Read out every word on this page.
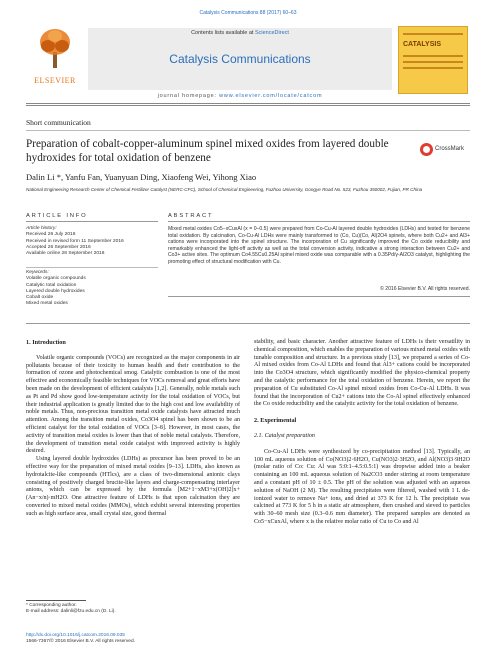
Catalysis Communications 88 (2017) 60–63
ELSEVIER
Contents lists available at ScienceDirect
Catalysis Communications
journal homepage: www.elsevier.com/locate/catcom
CATALYSIS
Short communication
Preparation of cobalt-copper-aluminum spinel mixed oxides from layered double hydroxides for total oxidation of benzene
CrossMark
Dalin Li *, Yanfu Fan, Yuanyuan Ding, Xiaofeng Wei, Yihong Xiao
National Engineering Research Center of Chemical Fertilizer Catalyst (NERC-CFC), School of Chemical Engineering, Fuzhou University, Gongye Road No. 523, Fuzhou 350002, Fujian, PR China
ARTICLE INFO	ABSTRACT
Article history:
Received 26 July 2016
Received in revised form 11 September 2016
Accepted 26 September 2016
Available online 28 September 2016
Keywords:
Volatile organic compounds
Catalytic total oxidation
Layered double hydroxides
Cobalt oxide
Mixed metal oxides
Mixed metal oxides Co5−xCuxAl (x = 0–0.5) were prepared from Co-Cu-Al layered double hydroxides (LDHs) and tested for benzene total oxidation. By calcination, Co-Cu-Al LDHs were mainly transformed to (Co, Cu)(Co, Al)2O4 spinels, where both Cu2+ and Al3+ cations were incorporated into the spinel structure. The incorporation of Cu significantly improved the Co oxide reducibility and remarkably enhanced the light-off activity as well as the total conversion activity, indicative a strong interaction between Cu2+ and Co3+ active sites. The optimum Co4.55Cu0.25Al spinel mixed oxide was comparable with a 0.35Pd/γ-Al2O3 catalyst, highlighting the promoting effect of structural modification with Cu.
© 2016 Elsevier B.V. All rights reserved.

1. Introduction

Volatile organic compounds (VOCs) are recognized as the major components in air pollutants because of their toxicity to human health and their contribution to the formation of ozone and photochemical smog. Catalytic combustion is one of the most effective and economically feasible techniques for VOCs removal and great efforts have been made on the development of efficient catalysts [1,2]. Generally, noble metals such as Pt and Pd show good low-temperature activity for the total oxidation of VOCs, but their industrial application is greatly limited due to the high cost and low availability of noble metals. Thus, non-precious transition metal oxide catalysts have attracted much attention. Among the transition metal oxides, Co3O4 spinel has been shown to be an efficient catalyst for the total oxidation of VOCs [3–8]. However, in most cases, the activity of transition metal oxides is lower than that of noble metal catalysts. Therefore, the development of transition metal oxide catalyst with improved activity is highly desired.

Using layered double hydroxides (LDHs) as precursor has been proved to be an effective way for the preparation of mixed metal oxides [9–13]. LDHs, also known as hydrotalcite-like compounds (HTlcs), are a class of two-dimensional anionic clays consisting of positively charged brucite-like layers and charge-compensating interlayer anions, which can be expressed by the formula [M2+1−xM3+x(OH)2]x+(An−x/n)·mH2O. One attractive feature of LDHs is that upon calcination they are converted to mixed metal oxides (MMOs), which exhibit several interesting properties such as high surface area, small crystal size, good thermal

stability, and basic character. Another attractive feature of LDHs is their versatility in chemical composition, which enables the preparation of various mixed metal oxides with tunable composition and structure. In a previous study [13], we prepared a series of Co-Al mixed oxides from Co-Al LDHs and found that Al3+ cations could be incorporated into the Co3O4 structure, which significantly modified the physico-chemical property and the catalytic performance for the total oxidation of benzene. Herein, we report the preparation of Cu substituted Co-Al spinel mixed oxides from Co-Cu-Al LDHs. It was found that the incorporation of Cu2+ cations into the Co-Al spinel effectively enhanced the Co oxide reducibility and the catalytic activity for the total oxidation of benzene.

2. Experimental

2.1. Catalyst preparation

Co-Cu-Al LDHs were synthesized by co-precipitation method [13]. Typically, an 100 mL aqueous solution of Co(NO3)2·6H2O, Cu(NO3)2·3H2O, and Al(NO3)3·9H2O (molar ratio of Co: Cu: Al was 5:0:1–4.5:0.5:1) was dropwise added into a beaker containing an 100 mL aqueous solution of Na2CO3 under stirring at room temperature and a constant pH of 10 ± 0.5. The pH of the solution was adjusted with an aqueous solution of NaOH (2 M). The resulting precipitates were filtered, washed with 1 L de-ionized water to remove Na+ ions, and dried at 373 K for 12 h. The precipitate was calcined at 773 K for 5 h in a static air atmosphere, then crushed and sieved to particles with 30–60 mesh size (0.3–0.6 mm diameter). The prepared samples are denoted as Co5−xCuxAl, where x is the relative molar ratio of Cu to Co and Al

* Corresponding author.
E-mail address: dalinli@fzu.edu.cn (D. Li).
http://dx.doi.org/10.1016/j.catcom.2016.09.035
1566-7367/© 2016 Elsevier B.V. All rights reserved.
